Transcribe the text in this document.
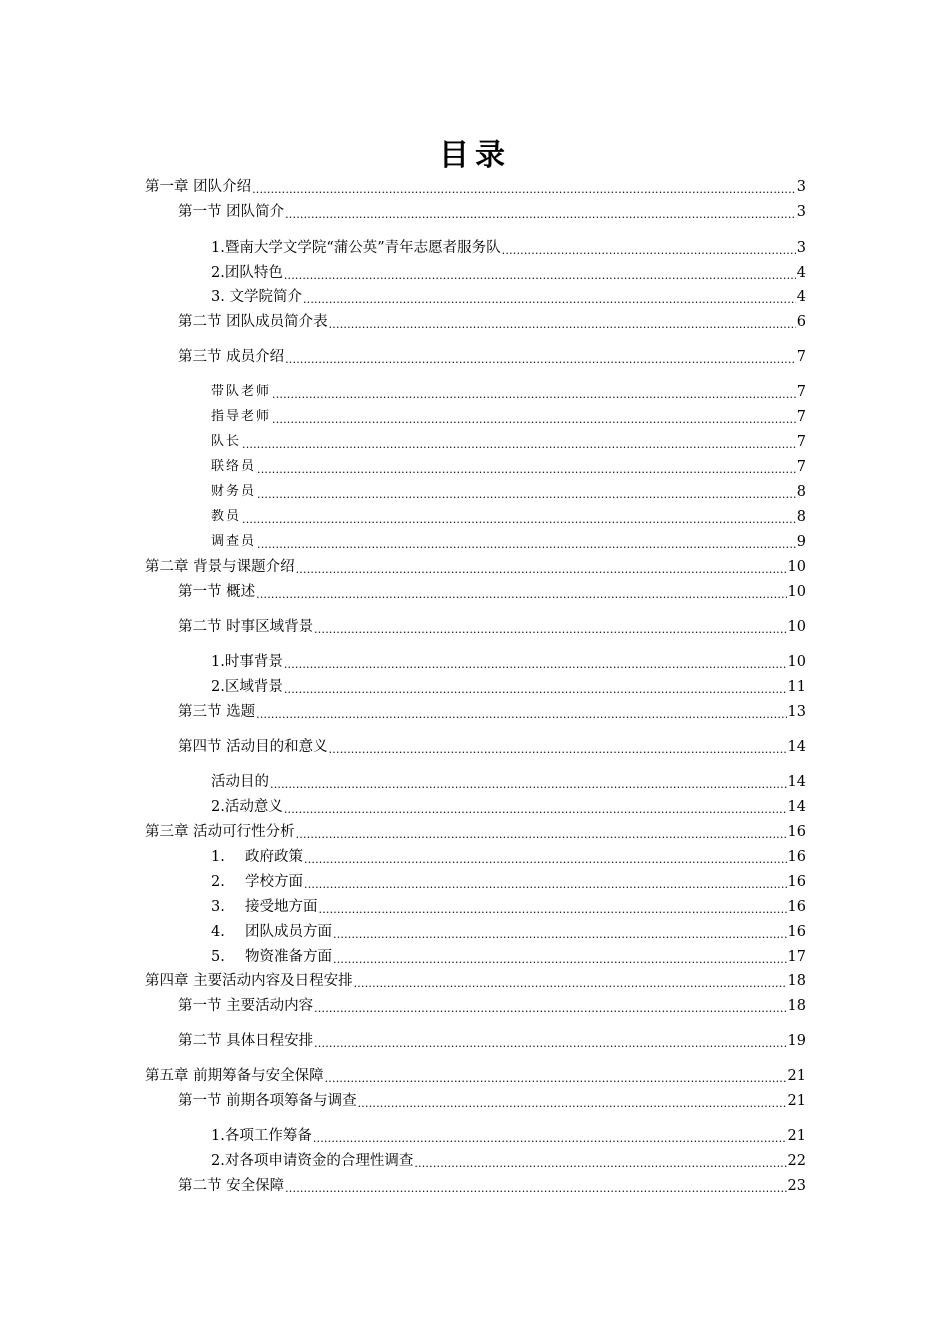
目录
第一章 团队介绍 .....	3
第一节 团队简介 .....	3
1.暨南大学文学院“蒲公英”青年志愿者服务队 .....	3
2.团队特色 .....	4
3. 文学院简介 .....	4
第二节 团队成员简介表 .....	6
第三节 成员介绍 .....	7
带队老师 .....	7
指导老师 .....	7
队长 .....	7
联络员 .....	7
财务员 .....	8
教员 .....	8
调查员 .....	9
第二章 背景与课题介绍 .....	10
第一节 概述 .....	10
第二节 时事区域背景 .....	10
1.时事背景 .....	10
2.区域背景 .....	11
第三节 选题 .....	13
第四节 活动目的和意义 .....	14
活动目的 .....	14
2.活动意义 .....	14
第三章 活动可行性分析 .....	16
1. 政府政策 .....	16
2. 学校方面 .....	16
3. 接受地方面 .....	16
4. 团队成员方面 .....	16
5. 物资准备方面 .....	17
第四章 主要活动内容及日程安排 .....	18
第一节 主要活动内容 .....	18
第二节 具体日程安排 .....	19
第五章 前期筹备与安全保障 .....	21
第一节 前期各项筹备与调查 .....	21
1.各项工作筹备 .....	21
2.对各项申请资金的合理性调查 .....	22
第二节 安全保障 .....	23
